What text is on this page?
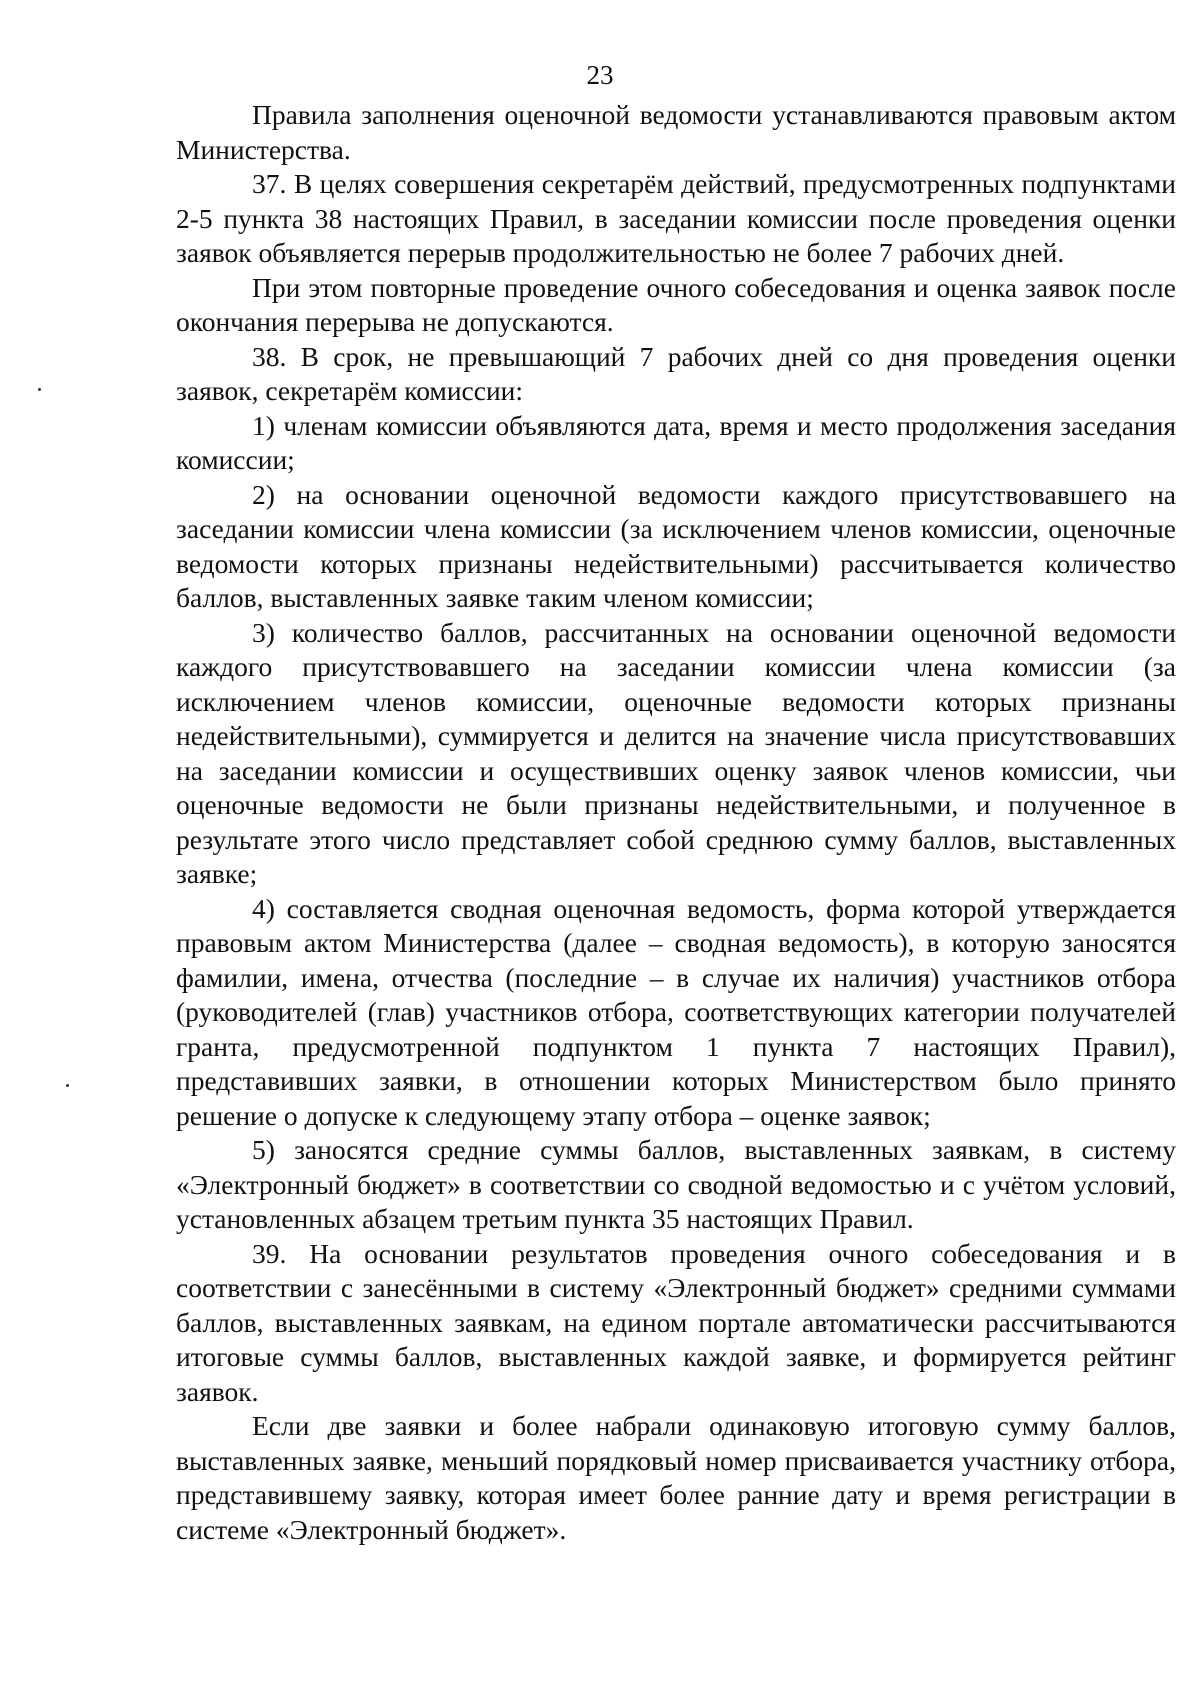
23

Правила заполнения оценочной ведомости устанавливаются правовым актом Министерства.

37. В целях совершения секретарём действий, предусмотренных подпунктами 2-5 пункта 38 настоящих Правил, в заседании комиссии после проведения оценки заявок объявляется перерыв продолжительностью не более 7 рабочих дней.

При этом повторные проведение очного собеседования и оценка заявок после окончания перерыва не допускаются.

38. В срок, не превышающий 7 рабочих дней со дня проведения оценки заявок, секретарём комиссии:

1) членам комиссии объявляются дата, время и место продолжения заседания комиссии;

2) на основании оценочной ведомости каждого присутствовавшего на заседании комиссии члена комиссии (за исключением членов комиссии, оценочные ведомости которых признаны недействительными) рассчитывается количество баллов, выставленных заявке таким членом комиссии;

3) количество баллов, рассчитанных на основании оценочной ведомости каждого присутствовавшего на заседании комиссии члена комиссии (за исключением членов комиссии, оценочные ведомости которых признаны недействительными), суммируется и делится на значение числа присутствовавших на заседании комиссии и осуществивших оценку заявок членов комиссии, чьи оценочные ведомости не были признаны недействительными, и полученное в результате этого число представляет собой среднюю сумму баллов, выставленных заявке;

4) составляется сводная оценочная ведомость, форма которой утверждается правовым актом Министерства (далее – сводная ведомость), в которую заносятся фамилии, имена, отчества (последние – в случае их наличия) участников отбора (руководителей (глав) участников отбора, соответствующих категории получателей гранта, предусмотренной подпунктом 1 пункта 7 настоящих Правил), представивших заявки, в отношении которых Министерством было принято решение о допуске к следующему этапу отбора – оценке заявок;

5) заносятся средние суммы баллов, выставленных заявкам, в систему «Электронный бюджет» в соответствии со сводной ведомостью и с учётом условий, установленных абзацем третьим пункта 35 настоящих Правил.

39. На основании результатов проведения очного собеседования и в соответствии с занесёнными в систему «Электронный бюджет» средними суммами баллов, выставленных заявкам, на едином портале автоматически рассчитываются итоговые суммы баллов, выставленных каждой заявке, и формируется рейтинг заявок.

Если две заявки и более набрали одинаковую итоговую сумму баллов, выставленных заявке, меньший порядковый номер присваивается участнику отбора, представившему заявку, которая имеет более ранние дату и время регистрации в системе «Электронный бюджет».
